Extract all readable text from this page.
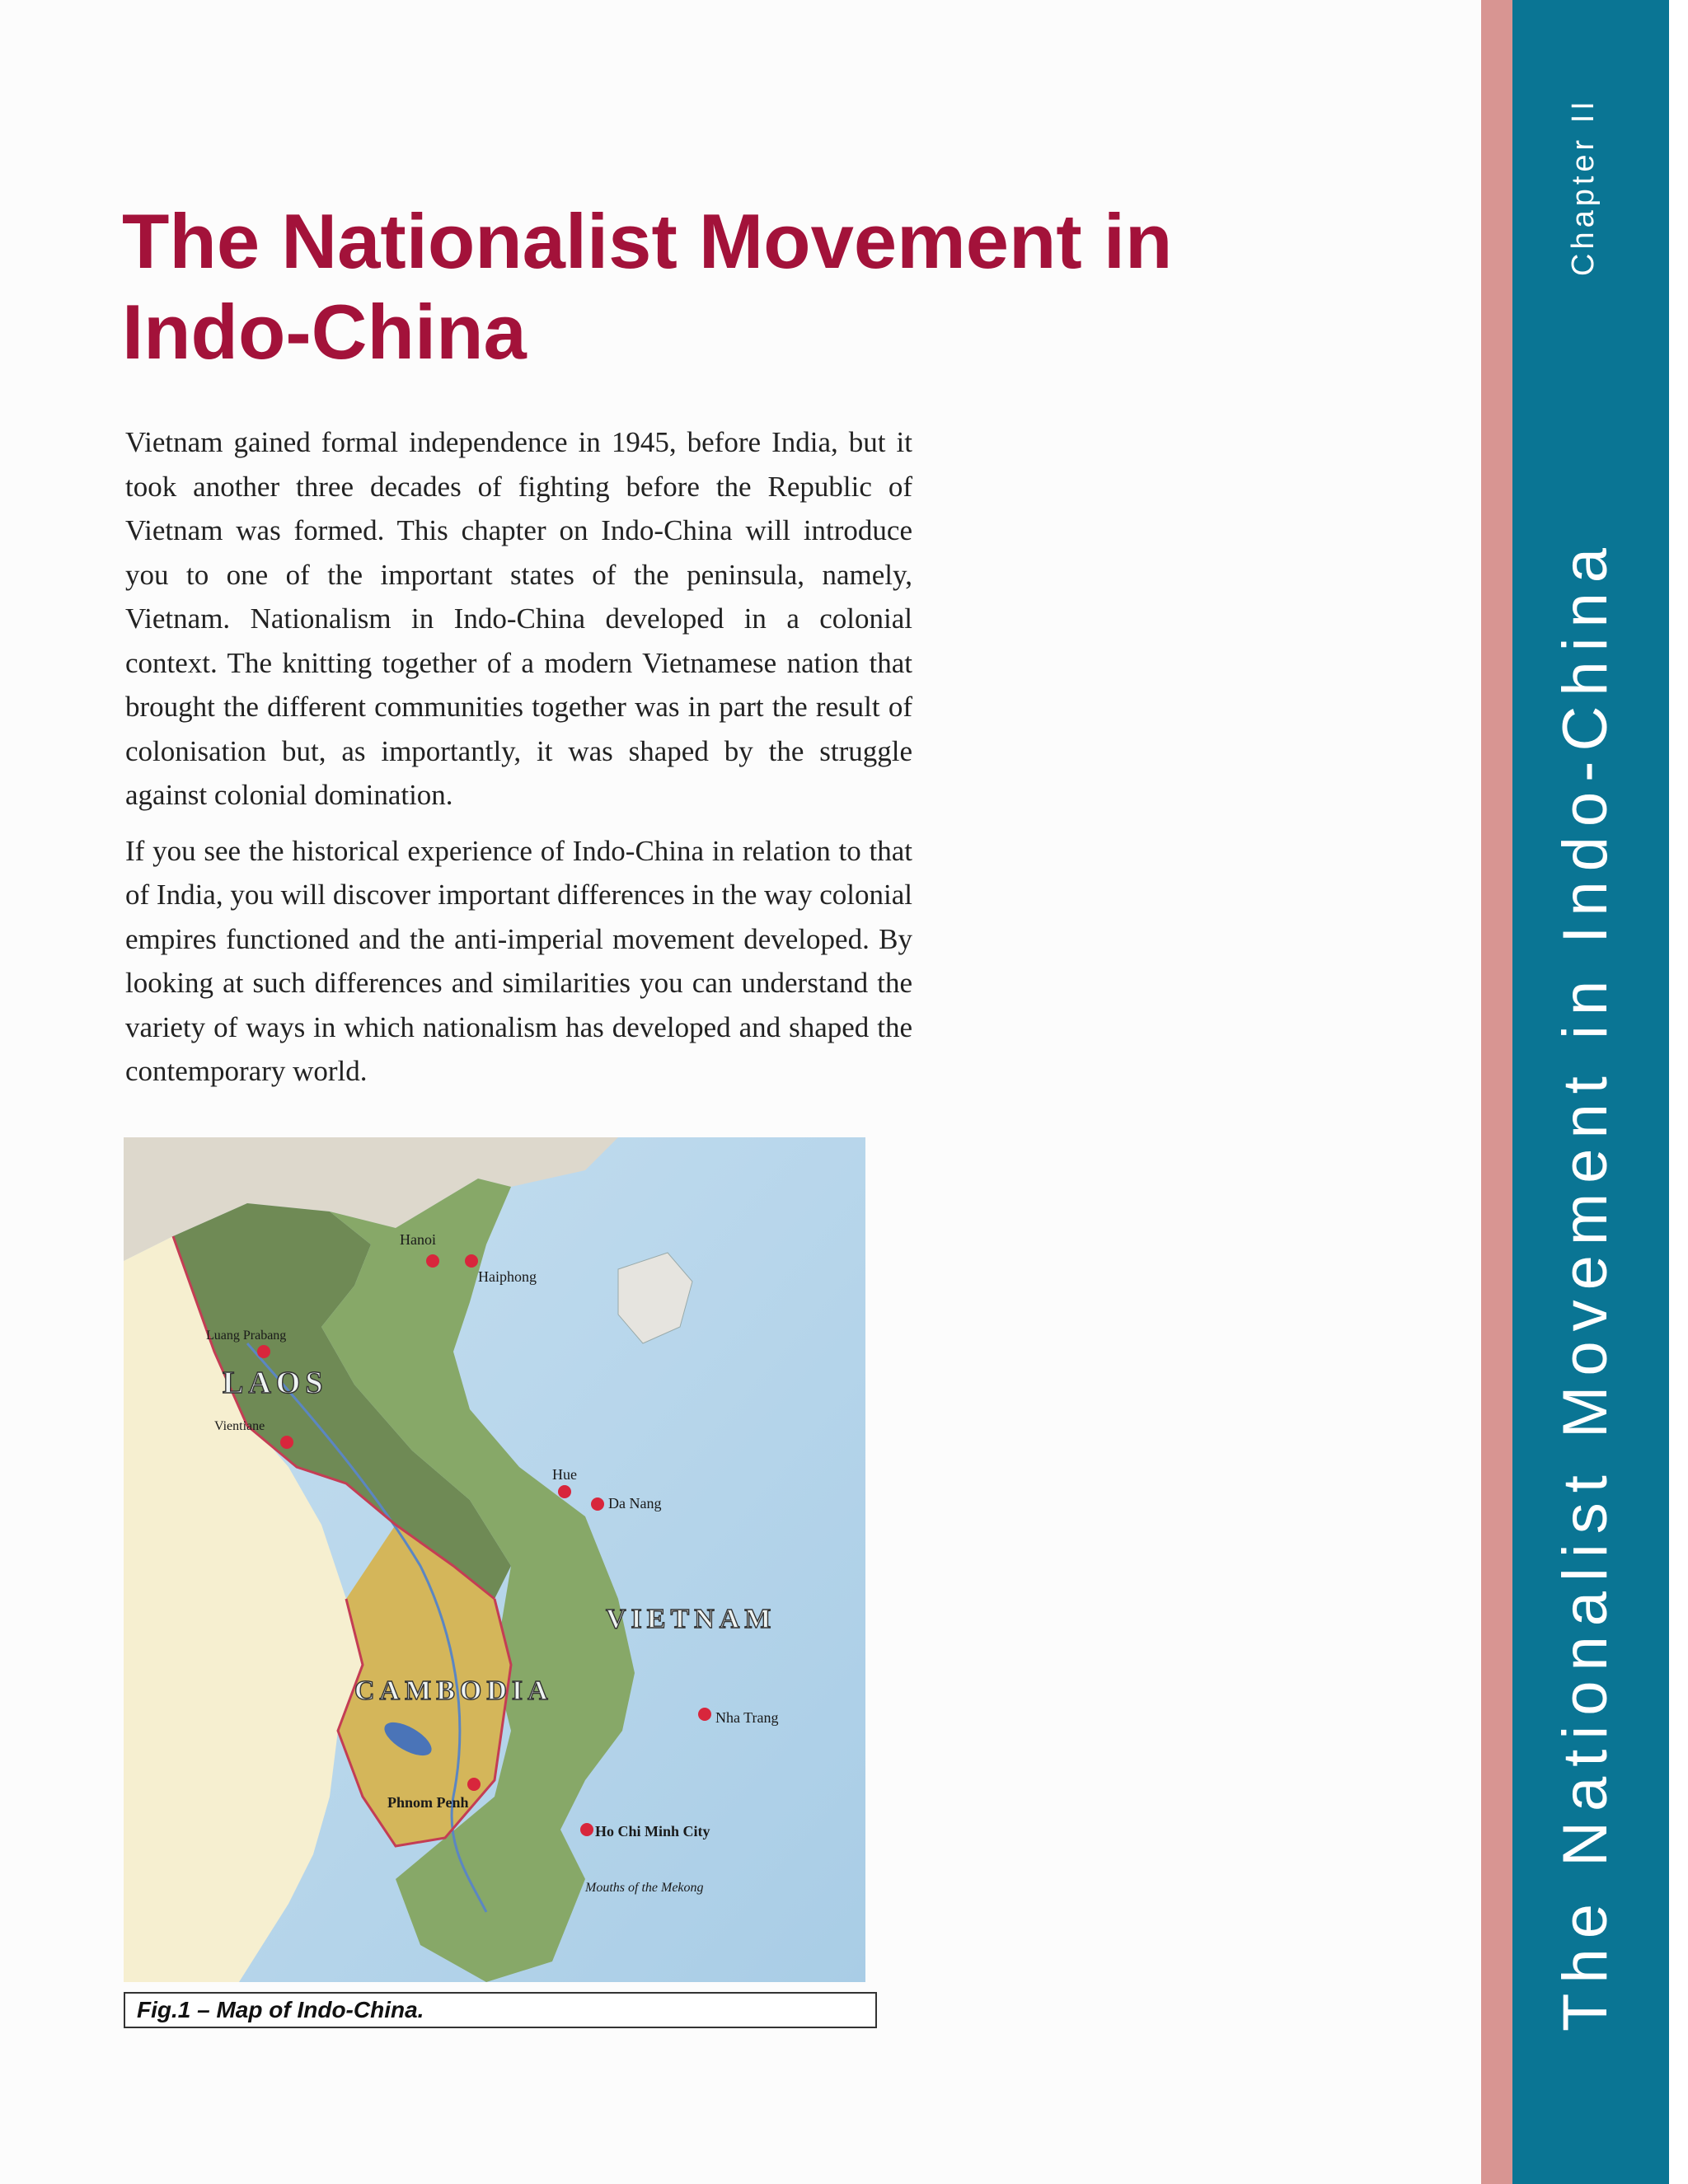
The Nationalist Movement in
Indo-China

Vietnam gained formal independence in 1945, before India, but it took another three decades of fighting before the Republic of Vietnam was formed. This chapter on Indo-China will introduce you to one of the important states of the peninsula, namely, Vietnam. Nationalism in Indo-China developed in a colonial context. The knitting together of a modern Vietnamese nation that brought the different communities together was in part the result of colonisation but, as importantly, it was shaped by the struggle against colonial domination.

If you see the historical experience of Indo-China in relation to that of India, you will discover important differences in the way colonial empires functioned and the anti-imperial movement developed. By looking at such differences and similarities you can understand the variety of ways in which nationalism has developed and shaped the contemporary world.

Hanoi
Haiphong
Luang Prabang
Vientiane
Hue
Da Nang
Nha Trang
Phnom Penh
Ho Chi Minh City
Mouths of the Mekong
LAOS
VIETNAM
CAMBODIA
Fig.1 – Map of Indo-China.	The Nationalist Movement in Indo-China
Chapter II
